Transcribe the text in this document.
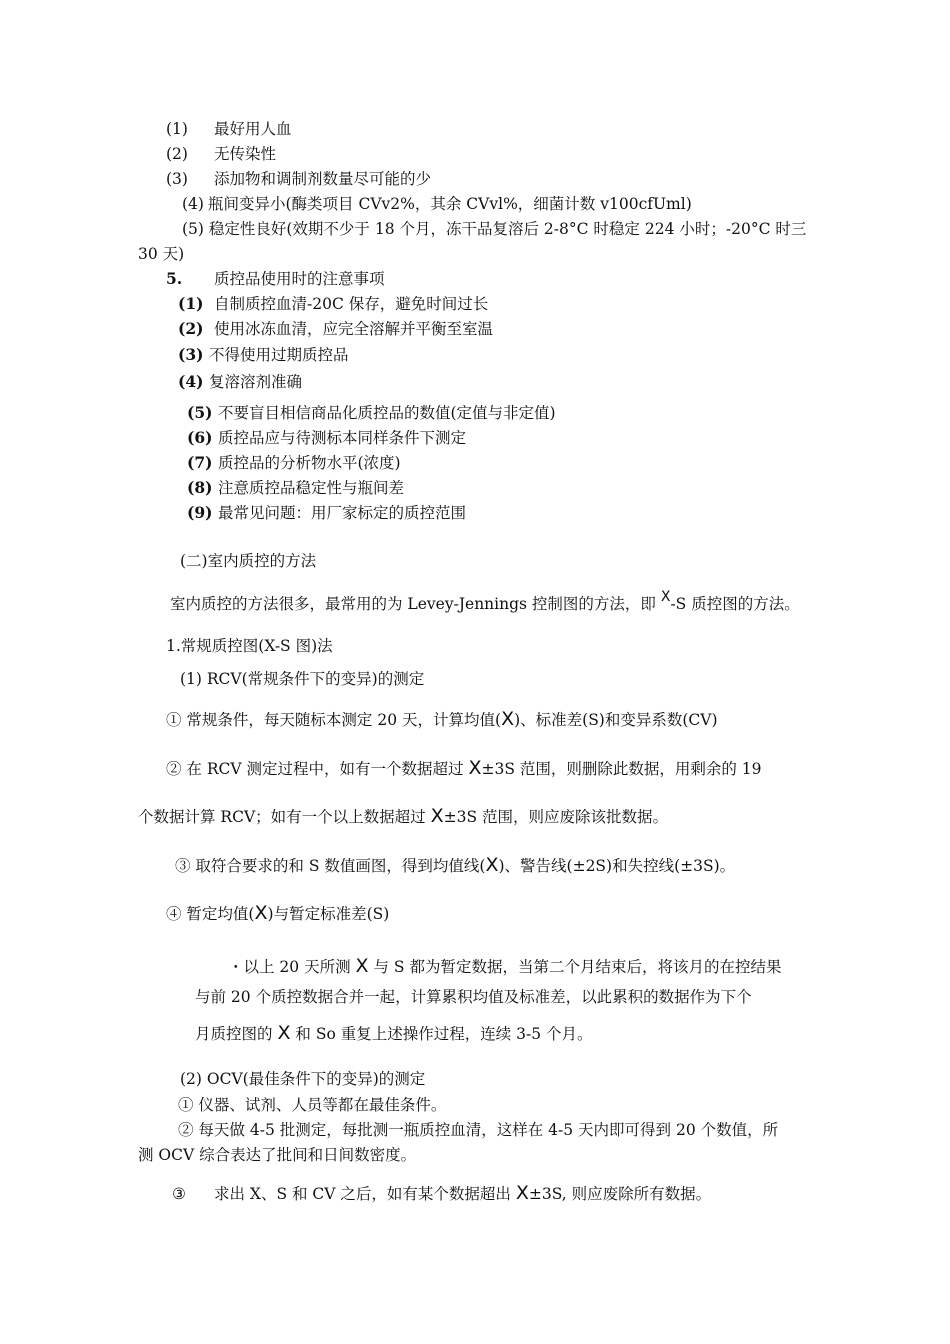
(1) 最好用人血
(2) 无传染性
(3) 添加物和调制剂数量尽可能的少
(4) 瓶间变异小(酶类项目 CVv2%，其余 CVvl%，细菌计数 v100cfUml)
(5) 稳定性良好(效期不少于 18 个月，冻干品复溶后 2-8°C 时稳定 224 小时；-20°C 时三
30 天)
5. 质控品使用时的注意事项
(1) 自制质控血清-20C 保存，避免时间过长
(2) 使用冰冻血清，应完全溶解并平衡至室温
(3) 不得使用过期质控品
(4) 复溶溶剂准确
(5) 不要盲目相信商品化质控品的数值(定值与非定值)
(6) 质控品应与待测标本同样条件下测定
(7) 质控品的分析物水平(浓度)
(8) 注意质控品稳定性与瓶间差
(9) 最常见问题：用厂家标定的质控范围
(二)室内质控的方法
室内质控的方法很多，最常用的为 Levey-Jennings 控制图的方法，即 X-S 质控图的方法。
1.常规质控图(X-S 图)法
(1) RCV(常规条件下的变异)的测定
① 常规条件，每天随标本测定 20 天，计算均值(X)、标准差(S)和变异系数(CV)
② 在 RCV 测定过程中，如有一个数据超过 X±3S 范围，则删除此数据，用剩余的 19
个数据计算 RCV；如有一个以上数据超过 X±3S 范围，则应废除该批数据。
③ 取符合要求的和 S 数值画图，得到均值线(X)、警告线(±2S)和失控线(±3S)。
④ 暂定均值(X)与暂定标准差(S)
・以上 20 天所测 X 与 S 都为暂定数据，当第二个月结束后，将该月的在控结果
与前 20 个质控数据合并一起，计算累积均值及标准差，以此累积的数据作为下个
月质控图的 X 和 So 重复上述操作过程，连续 3-5 个月。
(2) OCV(最佳条件下的变异)的测定
① 仪器、试剂、人员等都在最佳条件。
② 每天做 4-5 批测定，每批测一瓶质控血清，这样在 4-5 天内即可得到 20 个数值，所
测 OCV 综合表达了批间和日间数密度。
③ 求出 X、S 和 CV 之后，如有某个数据超出 X±3S, 则应废除所有数据。
